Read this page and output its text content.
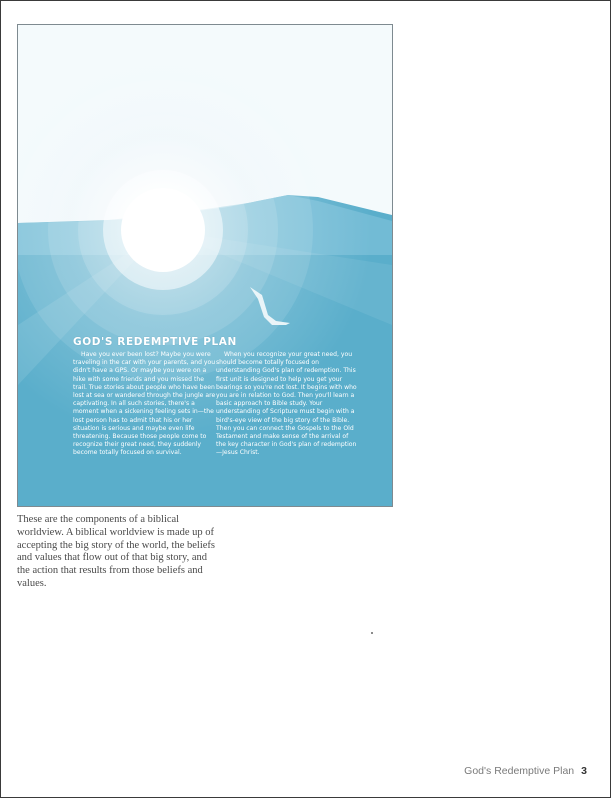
GOD'S REDEMPTIVE PLAN

Have you ever been lost? Maybe you were traveling in the car with your parents, and you didn't have a GPS. Or maybe you were on a hike with some friends and you missed the trail. True stories about people who have been lost at sea or wandered through the jungle are captivating. In all such stories, there's a moment when a sickening feeling sets in—the lost person has to admit that his or her situation is serious and maybe even life threatening. Because those people come to recognize their great need, they suddenly become totally focused on survival.

When you recognize your great need, you should become totally focused on understanding God's plan of redemption. This first unit is designed to help you get your bearings so you're not lost. It begins with who you are in relation to God. Then you'll learn a basic approach to Bible study. Your understanding of Scripture must begin with a bird's-eye view of the big story of the Bible. Then you can connect the Gospels to the Old Testament and make sense of the arrival of the key character in God's plan of redemption—Jesus Christ.

These are the components of a biblical worldview. A biblical worldview is made up of accepting the big story of the world, the beliefs and values that flow out of that big story, and the action that results from those beliefs and values.

God's Redemptive Plan 3
